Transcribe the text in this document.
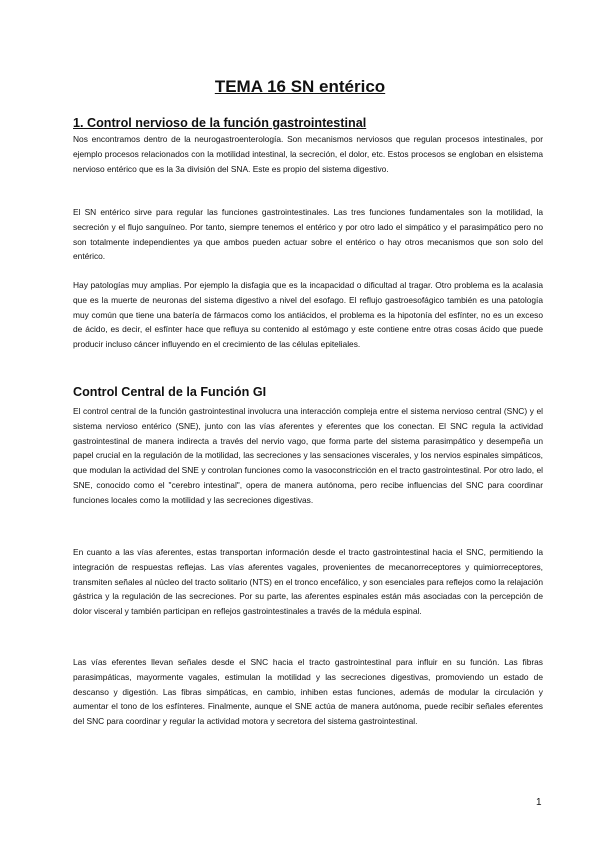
TEMA 16 SN entérico
1. Control nervioso de la función gastrointestinal

Nos encontramos dentro de la neurogastroenterología. Son mecanismos nerviosos que regulan procesos intestinales, por ejemplo procesos relacionados con la motilidad intestinal, la secreción, el dolor, etc. Estos procesos se engloban en elsistema nervioso entérico que es la 3a división del SNA. Este es propio del sistema digestivo.

El SN entérico sirve para regular las funciones gastrointestinales. Las tres funciones fundamentales son la motilidad, la secreción y el flujo sanguíneo. Por tanto, siempre tenemos el entérico y por otro lado el simpático y el parasimpático pero no son totalmente independientes ya que ambos pueden actuar sobre el entérico o hay otros mecanismos que son solo del entérico.

Hay patologías muy amplias. Por ejemplo la disfagia que es la incapacidad o dificultad al tragar. Otro problema es la acalasia que es la muerte de neuronas del sistema digestivo a nivel del esofago. El reflujo gastroesofágico también es una patología muy común que tiene una batería de fármacos como los antiácidos, el problema es la hipotonía del esfínter, no es un exceso de ácido, es decir, el esfínter hace que refluya su contenido al estómago y este contiene entre otras cosas ácido que puede producir incluso cáncer influyendo en el crecimiento de las células epiteliales.

Control Central de la Función GI

El control central de la función gastrointestinal involucra una interacción compleja entre el sistema nervioso central (SNC) y el sistema nervioso entérico (SNE), junto con las vías aferentes y eferentes que los conectan. El SNC regula la actividad gastrointestinal de manera indirecta a través del nervio vago, que forma parte del sistema parasimpático y desempeña un papel crucial en la regulación de la motilidad, las secreciones y las sensaciones viscerales, y los nervios espinales simpáticos, que modulan la actividad del SNE y controlan funciones como la vasoconstricción en el tracto gastrointestinal. Por otro lado, el SNE, conocido como el "cerebro intestinal", opera de manera autónoma, pero recibe influencias del SNC para coordinar funciones locales como la motilidad y las secreciones digestivas.

En cuanto a las vías aferentes, estas transportan información desde el tracto gastrointestinal hacia el SNC, permitiendo la integración de respuestas reflejas. Las vías aferentes vagales, provenientes de mecanorreceptores y quimiorreceptores, transmiten señales al núcleo del tracto solitario (NTS) en el tronco encefálico, y son esenciales para reflejos como la relajación gástrica y la regulación de las secreciones. Por su parte, las aferentes espinales están más asociadas con la percepción de dolor visceral y también participan en reflejos gastrointestinales a través de la médula espinal.

Las vías eferentes llevan señales desde el SNC hacia el tracto gastrointestinal para influir en su función. Las fibras parasimpáticas, mayormente vagales, estimulan la motilidad y las secreciones digestivas, promoviendo un estado de descanso y digestión. Las fibras simpáticas, en cambio, inhiben estas funciones, además de modular la circulación y aumentar el tono de los esfínteres. Finalmente, aunque el SNE actúa de manera autónoma, puede recibir señales eferentes del SNC para coordinar y regular la actividad motora y secretora del sistema gastrointestinal.

1
